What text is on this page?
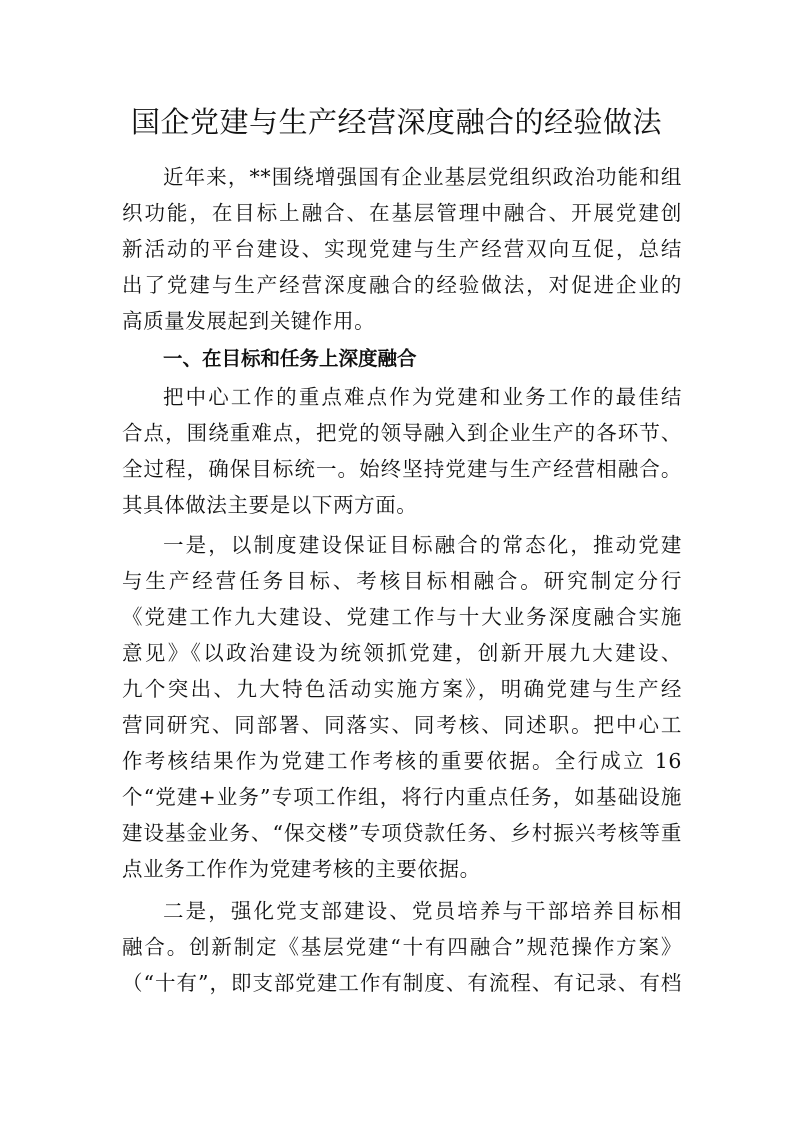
国企党建与生产经营深度融合的经验做法
近年来，**围绕增强国有企业基层党组织政治功能和组
织功能，在目标上融合、在基层管理中融合、开展党建创
新活动的平台建设、实现党建与生产经营双向互促，总结
出了党建与生产经营深度融合的经验做法，对促进企业的
高质量发展起到关键作用。
一、在目标和任务上深度融合
把中心工作的重点难点作为党建和业务工作的最佳结
合点，围绕重难点，把党的领导融入到企业生产的各环节、
全过程，确保目标统一。始终坚持党建与生产经营相融合。
其具体做法主要是以下两方面。
一是，以制度建设保证目标融合的常态化，推动党建
与生产经营任务目标、考核目标相融合。研究制定分行
《党建工作九大建设、党建工作与十大业务深度融合实施
意见》《以政治建设为统领抓党建，创新开展九大建设、
九个突出、九大特色活动实施方案》，明确党建与生产经
营同研究、同部署、同落实、同考核、同述职。把中心工
作考核结果作为党建工作考核的重要依据。全行成立 16
个“党建+业务”专项工作组，将行内重点任务，如基础设施
建设基金业务、“保交楼”专项贷款任务、乡村振兴考核等重
点业务工作作为党建考核的主要依据。
二是，强化党支部建设、党员培养与干部培养目标相
融合。创新制定《基层党建“十有四融合”规范操作方案》
（“十有”，即支部党建工作有制度、有流程、有记录、有档
